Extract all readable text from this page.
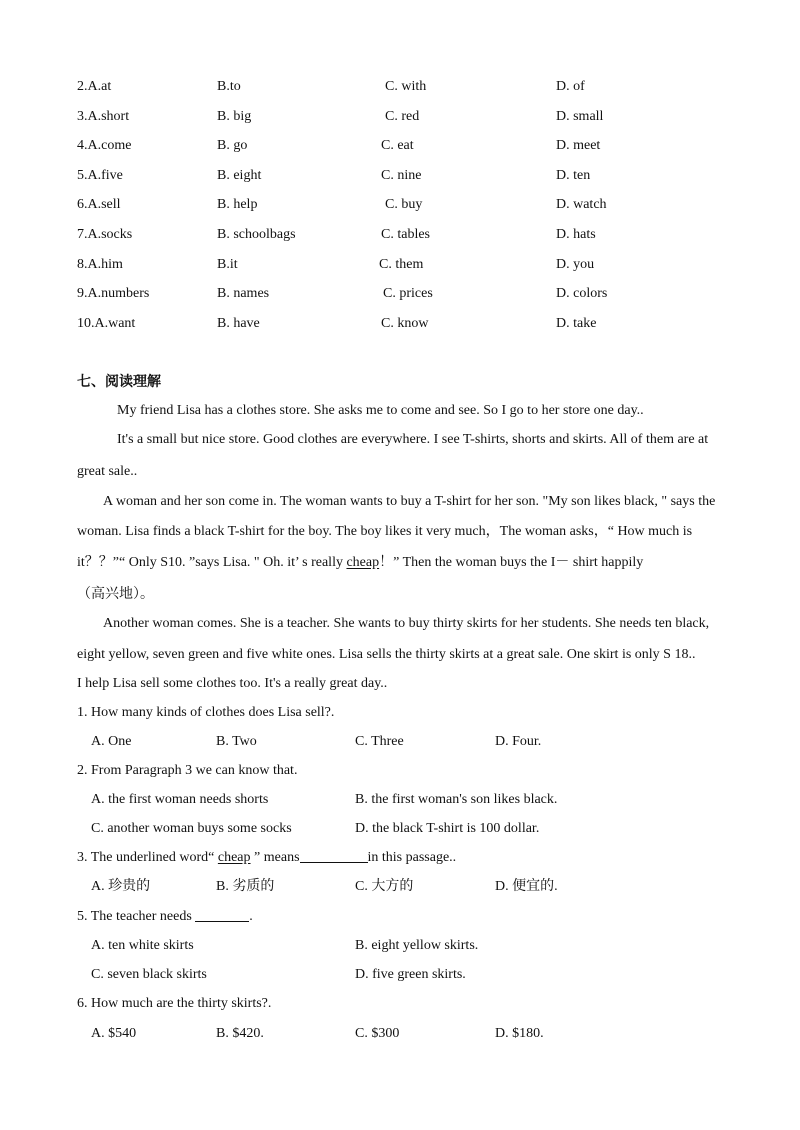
2.A.at	B.to	C. with	D. of
3.A.short	B. big	C. red	D. small
4.A.come	B. go	C. eat	D. meet
5.A.five	B. eight	C. nine	D. ten
6.A.sell	B. help	C. buy	D. watch
7.A.socks	B. schoolbags	C. tables	D. hats
8.A.him	B.it	C. them	D. you
9.A.numbers	B. names	C. prices	D. colors
10.A.want	B. have	C. know	D. take
七、阅读理解
My friend Lisa has a clothes store. She asks me to come and see. So I go to her store one day..
It's a small but nice store. Good clothes are everywhere. I see T-shirts, shorts and skirts. All of them are at
great sale..
A woman and her son come in. The woman wants to buy a T-shirt for her son. "My son likes black, " says the
woman. Lisa finds a black T-shirt for the boy. The boy likes it very much，The woman asks，“ How much is
it？？”“ Only S10. ”says Lisa. " Oh. it’ s really cheap！” Then the woman buys the I－ shirt happily
（高兴地）。
Another woman comes. She is a teacher. She wants to buy thirty skirts for her students. She needs ten black,
eight yellow, seven green and five white ones. Lisa sells the thirty skirts at a great sale. One skirt is only S 18..
I help Lisa sell some clothes too. It's a really great day..
1. How many kinds of clothes does Lisa sell?.
A. One	B. Two	C. Three	D. Four.
2. From Paragraph 3 we can know that.
A. the first woman needs shorts	B. the first woman's son likes black.
C. another woman buys some socks	D. the black T-shirt is 100 dollar.
3. The underlined word“ cheap ” means	in this passage..
A. 珍贵的	B. 劣质的	C. 大方的	D. 便宜的.
5. The teacher needs	.
A. ten white skirts	B. eight yellow skirts.
C. seven black skirts	D. five green skirts.
6. How much are the thirty skirts?.
A. $540	B. $420.	C. $300	D. $180.
